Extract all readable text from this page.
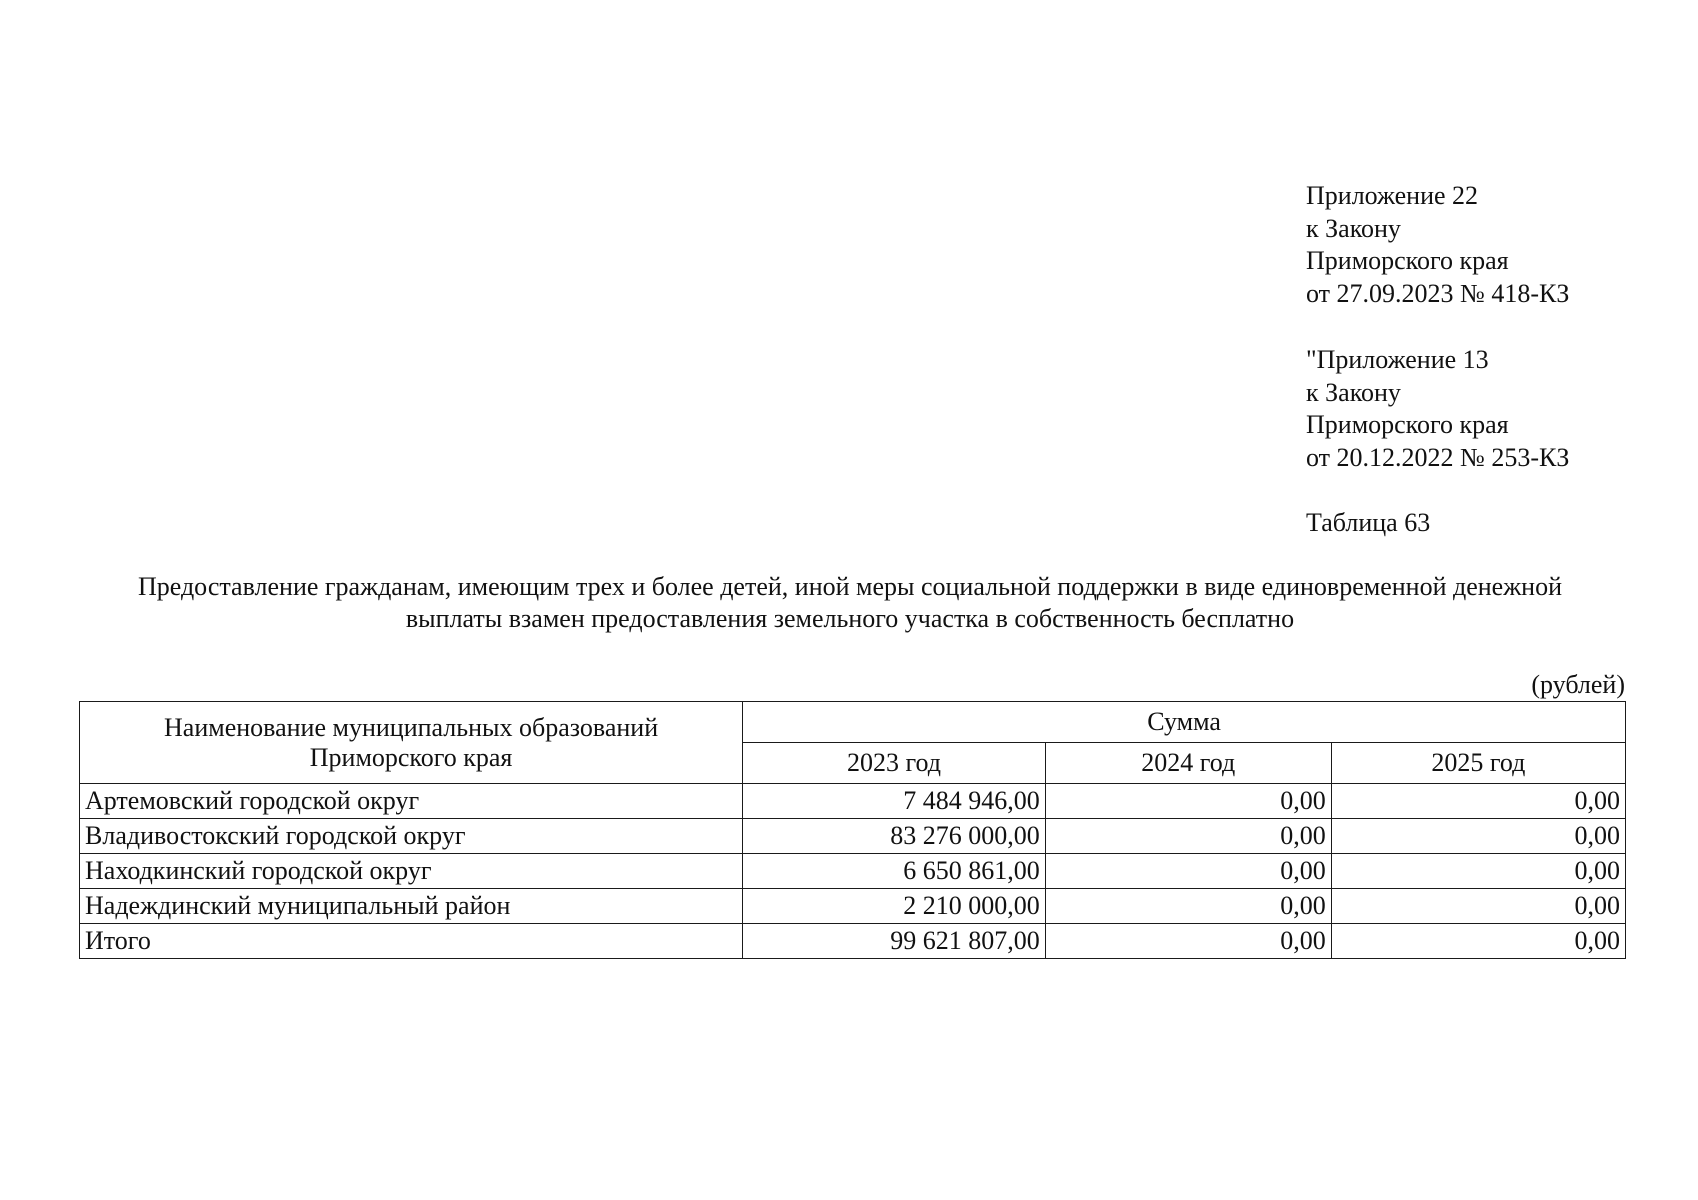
Приложение 22
к Закону
Приморского края
от 27.09.2023 № 418-КЗ
"Приложение 13
к Закону
Приморского края
от 20.12.2022 № 253-КЗ
Таблица 63
Предоставление гражданам, имеющим трех и более детей, иной меры социальной поддержки в виде единовременной денежной
выплаты взамен предоставления земельного участка в собственность бесплатно
(рублей)
Наименование муниципальных образований
Приморского края	Сумма		
	2023 год	2024 год	2025 год
Артемовский городской округ	7 484 946,00	0,00	0,00
Владивостокский городской округ	83 276 000,00	0,00	0,00
Находкинский городской округ	6 650 861,00	0,00	0,00
Надеждинский муниципальный район	2 210 000,00	0,00	0,00
Итого	99 621 807,00	0,00	0,00
